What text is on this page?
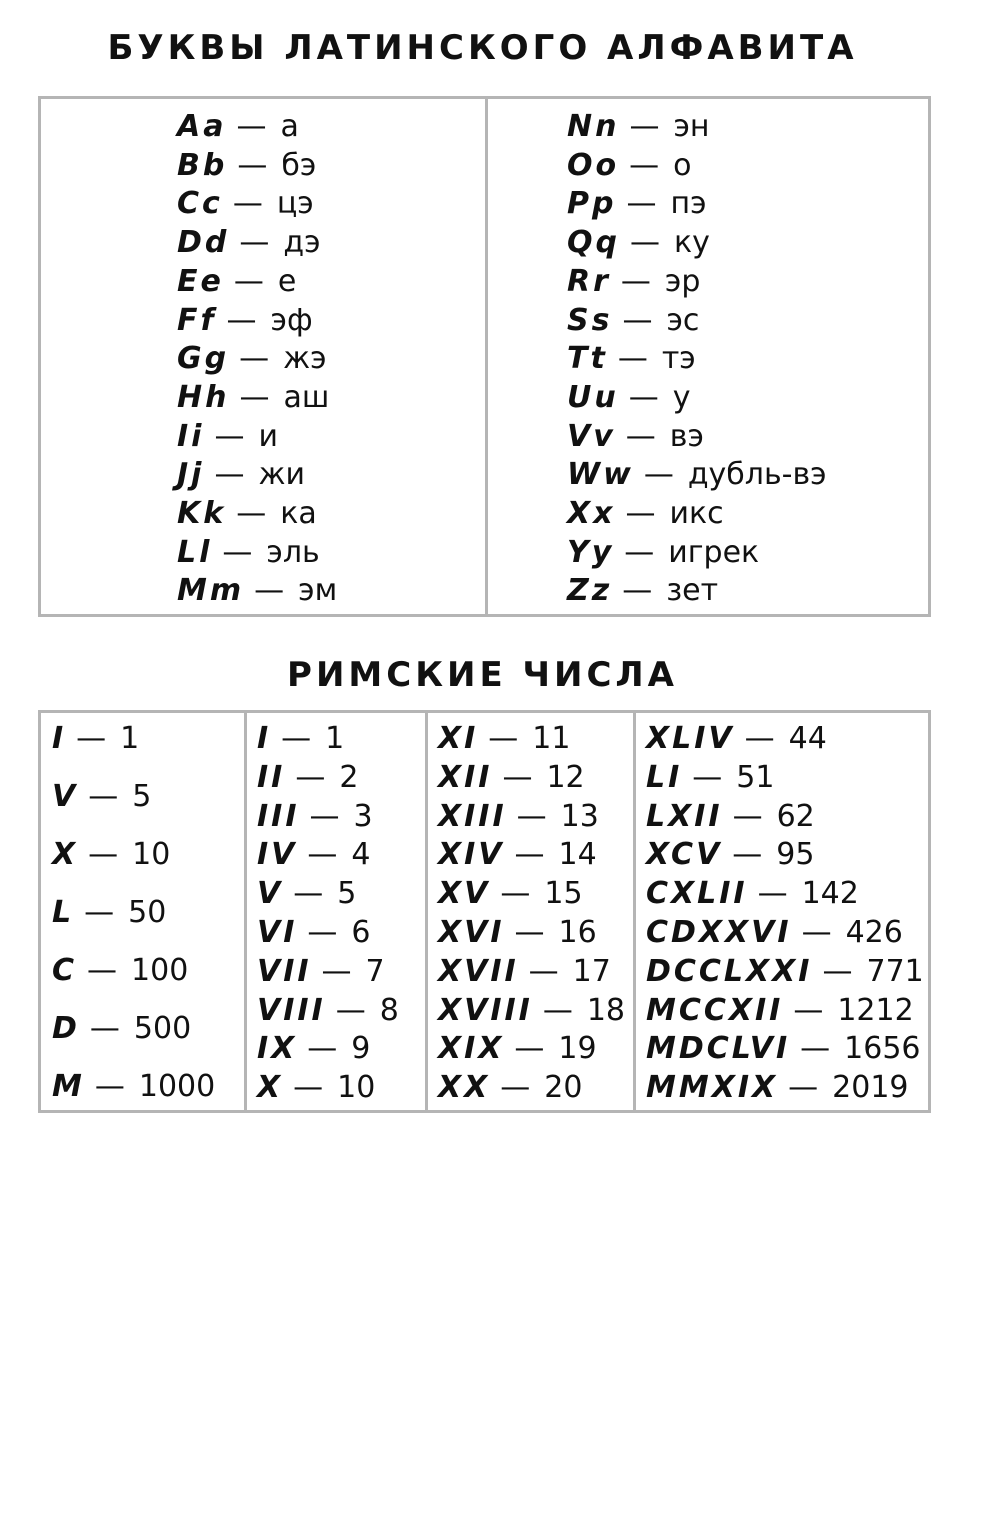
БУКВЫ ЛАТИНСКОГО АЛФАВИТА
Aa — а
Bb — бэ
Cc — цэ
Dd — дэ
Ee — е
Ff — эф
Gg — жэ
Hh — аш
Ii — и
Jj — жи
Kk — ка
Ll — эль
Mm — эм
Nn — эн
Oo — о
Pp — пэ
Qq — ку
Rr — эр
Ss — эс
Tt — тэ
Uu — у
Vv — вэ
Ww — дубль-вэ
Xx — икс
Yy — игрек
Zz — зет
РИМСКИЕ ЧИСЛА
I — 1
V — 5
X — 10
L — 50
C — 100
D — 500
M — 1000
I — 1
II — 2
III — 3
IV — 4
V — 5
VI — 6
VII — 7
VIII — 8
IX — 9
X — 10
XI — 11
XII — 12
XIII — 13
XIV — 14
XV — 15
XVI — 16
XVII — 17
XVIII — 18
XIX — 19
XX — 20
XLIV — 44
LI — 51
LXII — 62
XCV — 95
CXLII — 142
CDXXVI — 426
DCCLXXI — 771
MCCXII — 1212
MDCLVI — 1656
MMXIX — 2019
